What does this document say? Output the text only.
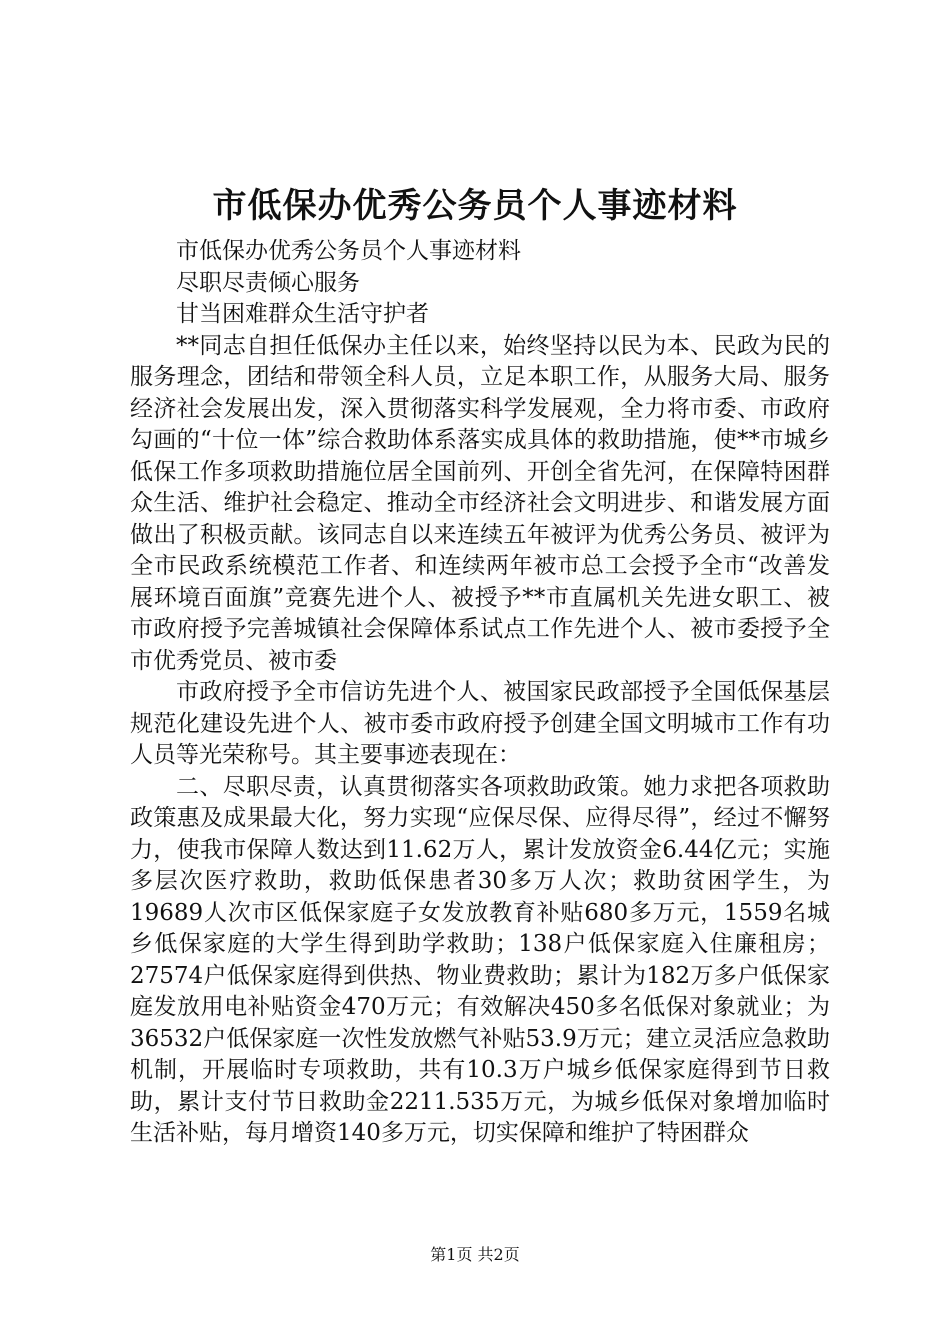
市低保办优秀公务员个人事迹材料

市低保办优秀公务员个人事迹材料

尽职尽责倾心服务

甘当困难群众生活守护者

**同志自担任低保办主任以来，始终坚持以民为本、民政为民的服务理念，团结和带领全科人员，立足本职工作，从服务大局、服务经济社会发展出发，深入贯彻落实科学发展观，全力将市委、市政府勾画的“十位一体”综合救助体系落实成具体的救助措施，使**市城乡低保工作多项救助措施位居全国前列、开创全省先河，在保障特困群众生活、维护社会稳定、推动全市经济社会文明进步、和谐发展方面做出了积极贡献。该同志自以来连续五年被评为优秀公务员、被评为全市民政系统模范工作者、和连续两年被市总工会授予全市“改善发展环境百面旗”竞赛先进个人、被授予**市直属机关先进女职工、被市政府授予完善城镇社会保障体系试点工作先进个人、被市委授予全市优秀党员、被市委

市政府授予全市信访先进个人、被国家民政部授予全国低保基层规范化建设先进个人、被市委市政府授予创建全国文明城市工作有功人员等光荣称号。其主要事迹表现在：

二、尽职尽责，认真贯彻落实各项救助政策。她力求把各项救助政策惠及成果最大化，努力实现“应保尽保、应得尽得”，经过不懈努力，使我市保障人数达到11.62万人，累计发放资金6.44亿元；实施多层次医疗救助，救助低保患者30多万人次；救助贫困学生，为19689人次市区低保家庭子女发放教育补贴680多万元，1559名城乡低保家庭的大学生得到助学救助；138户低保家庭入住廉租房；27574户低保家庭得到供热、物业费救助；累计为182万多户低保家庭发放用电补贴资金470万元；有效解决450多名低保对象就业；为36532户低保家庭一次性发放燃气补贴53.9万元；建立灵活应急救助机制，开展临时专项救助，共有10.3万户城乡低保家庭得到节日救助，累计支付节日救助金2211.535万元，为城乡低保对象增加临时生活补贴，每月增资140多万元，切实保障和维护了特困群众

第1页 共2页
